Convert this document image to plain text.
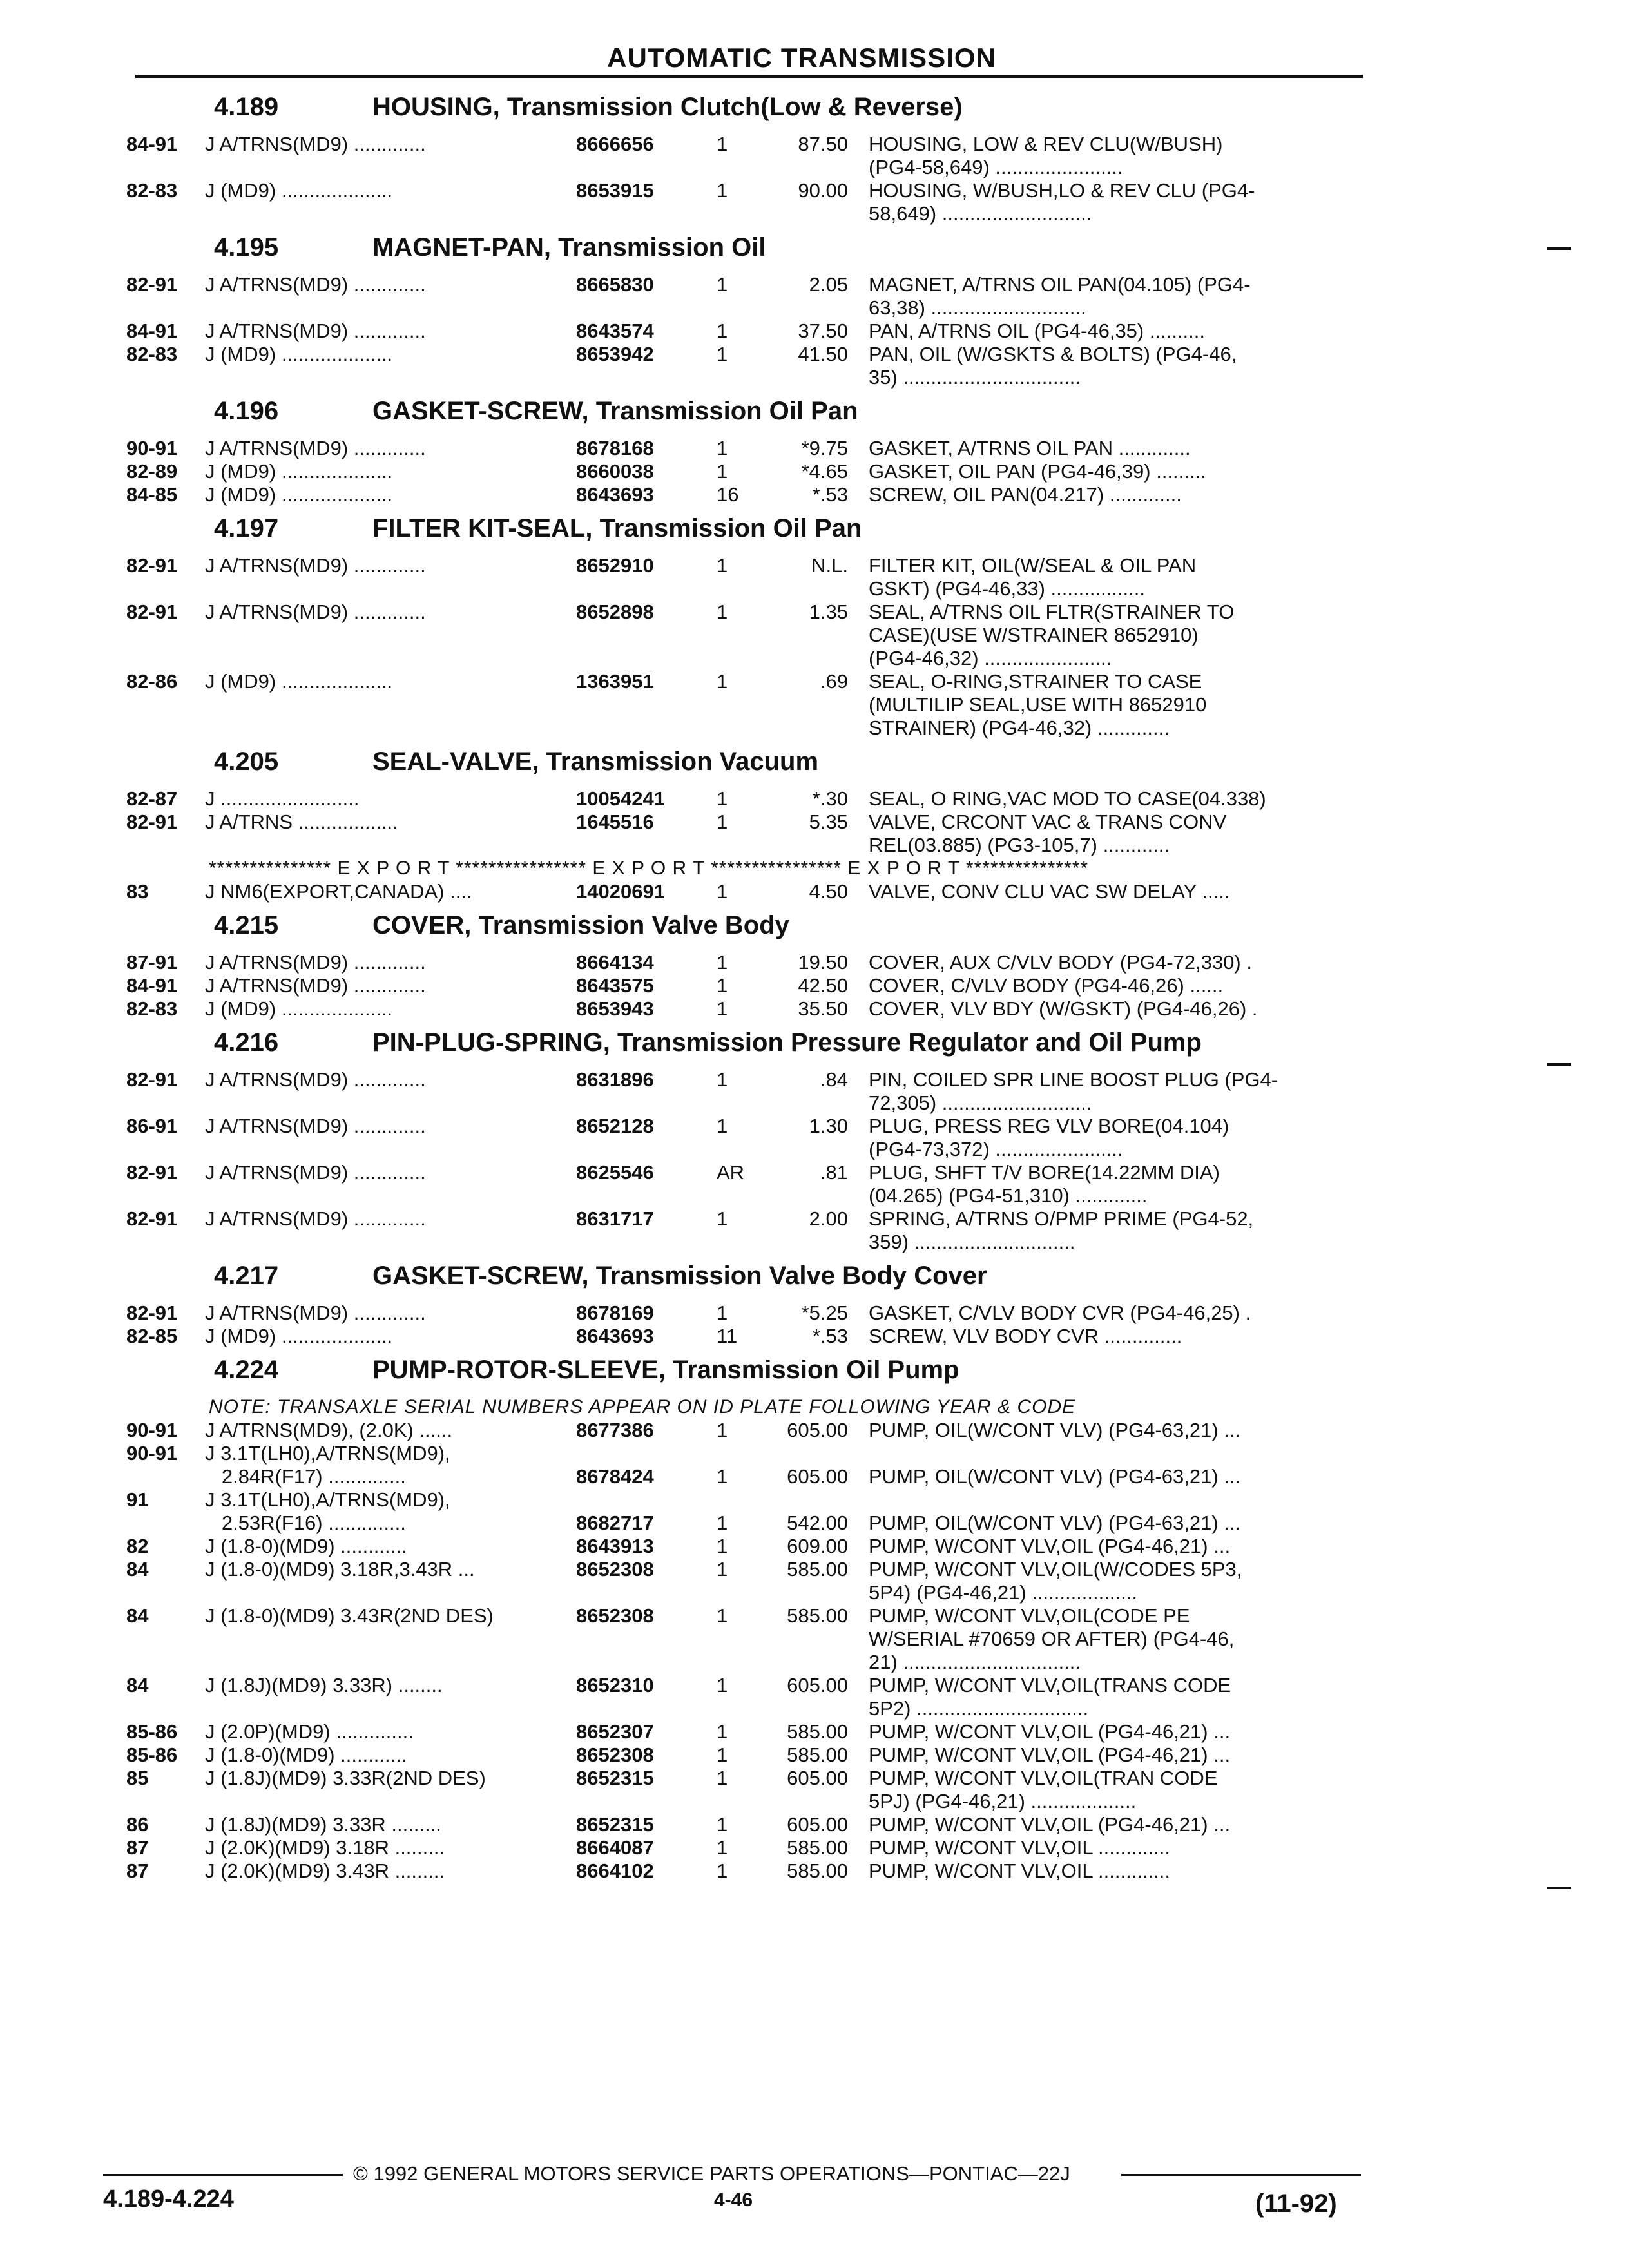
AUTOMATIC TRANSMISSION
4.189	HOUSING, Transmission Clutch(Low & Reverse)
84-91	J A/TRNS(MD9) .............	8666656	1	87.50	HOUSING, LOW & REV CLU(W/BUSH)
(PG4-58,649) .......................
82-83	J (MD9) ....................	8653915	1	90.00	HOUSING, W/BUSH,LO & REV CLU (PG4-
58,649) ...........................
4.195	MAGNET-PAN, Transmission Oil
82-91	J A/TRNS(MD9) .............	8665830	1	2.05	MAGNET, A/TRNS OIL PAN(04.105) (PG4-
63,38) ............................
84-91	J A/TRNS(MD9) .............	8643574	1	37.50	PAN, A/TRNS OIL (PG4-46,35) ..........
82-83	J (MD9) ....................	8653942	1	41.50	PAN, OIL (W/GSKTS & BOLTS) (PG4-46,
35) ................................
4.196	GASKET-SCREW, Transmission Oil Pan
90-91	J A/TRNS(MD9) .............	8678168	1	*9.75	GASKET, A/TRNS OIL PAN .............
82-89	J (MD9) ....................	8660038	1	*4.65	GASKET, OIL PAN (PG4-46,39) .........
84-85	J (MD9) ....................	8643693	16	*.53	SCREW, OIL PAN(04.217) .............
4.197	FILTER KIT-SEAL, Transmission Oil Pan
82-91	J A/TRNS(MD9) .............	8652910	1	N.L.	FILTER KIT, OIL(W/SEAL & OIL PAN
GSKT) (PG4-46,33) .................
82-91	J A/TRNS(MD9) .............	8652898	1	1.35	SEAL, A/TRNS OIL FLTR(STRAINER TO
CASE)(USE W/STRAINER 8652910)
(PG4-46,32) .......................
82-86	J (MD9) ....................	1363951	1	.69	SEAL, O-RING,STRAINER TO CASE
(MULTILIP SEAL,USE WITH 8652910
STRAINER) (PG4-46,32) .............
4.205	SEAL-VALVE, Transmission Vacuum
82-87	J .........................	10054241	1	*.30	SEAL, O RING,VAC MOD TO CASE(04.338)
82-91	J A/TRNS ..................	1645516	1	5.35	VALVE, CRCONT VAC & TRANS CONV
REL(03.885) (PG3-105,7) ............
*************** E X P O R T **************** E X P O R T **************** E X P O R T ***************
83	J NM6(EXPORT,CANADA) ....	14020691	1	4.50	VALVE, CONV CLU VAC SW DELAY .....
4.215	COVER, Transmission Valve Body
87-91	J A/TRNS(MD9) .............	8664134	1	19.50	COVER, AUX C/VLV BODY (PG4-72,330) .
84-91	J A/TRNS(MD9) .............	8643575	1	42.50	COVER, C/VLV BODY (PG4-46,26) ......
82-83	J (MD9) ....................	8653943	1	35.50	COVER, VLV BDY (W/GSKT) (PG4-46,26) .
4.216	PIN-PLUG-SPRING, Transmission Pressure Regulator and Oil Pump
82-91	J A/TRNS(MD9) .............	8631896	1	.84	PIN, COILED SPR LINE BOOST PLUG (PG4-
72,305) ...........................
86-91	J A/TRNS(MD9) .............	8652128	1	1.30	PLUG, PRESS REG VLV BORE(04.104)
(PG4-73,372) .......................
82-91	J A/TRNS(MD9) .............	8625546	AR	.81	PLUG, SHFT T/V BORE(14.22MM DIA)
(04.265) (PG4-51,310) .............
82-91	J A/TRNS(MD9) .............	8631717	1	2.00	SPRING, A/TRNS O/PMP PRIME (PG4-52,
359) .............................
4.217	GASKET-SCREW, Transmission Valve Body Cover
82-91	J A/TRNS(MD9) .............	8678169	1	*5.25	GASKET, C/VLV BODY CVR (PG4-46,25) .
82-85	J (MD9) ....................	8643693	11	*.53	SCREW, VLV BODY CVR ..............
4.224	PUMP-ROTOR-SLEEVE, Transmission Oil Pump
NOTE: TRANSAXLE SERIAL NUMBERS APPEAR ON ID PLATE FOLLOWING YEAR & CODE
90-91	J A/TRNS(MD9), (2.0K) ......	8677386	1	605.00	PUMP, OIL(W/CONT VLV) (PG4-63,21) ...
90-91	J 3.1T(LH0),A/TRNS(MD9),
2.84R(F17) ..............	8678424	1	605.00	PUMP, OIL(W/CONT VLV) (PG4-63,21) ...
91	J 3.1T(LH0),A/TRNS(MD9),
2.53R(F16) ..............	8682717	1	542.00	PUMP, OIL(W/CONT VLV) (PG4-63,21) ...
82	J (1.8-0)(MD9) ............	8643913	1	609.00	PUMP, W/CONT VLV,OIL (PG4-46,21) ...
84	J (1.8-0)(MD9) 3.18R,3.43R ...	8652308	1	585.00	PUMP, W/CONT VLV,OIL(W/CODES 5P3,
5P4) (PG4-46,21) ...................
84	J (1.8-0)(MD9) 3.43R(2ND DES)	8652308	1	585.00	PUMP, W/CONT VLV,OIL(CODE PE
W/SERIAL #70659 OR AFTER) (PG4-46,
21) ................................
84	J (1.8J)(MD9) 3.33R) ........	8652310	1	605.00	PUMP, W/CONT VLV,OIL(TRANS CODE
5P2) ...............................
85-86	J (2.0P)(MD9) ..............	8652307	1	585.00	PUMP, W/CONT VLV,OIL (PG4-46,21) ...
85-86	J (1.8-0)(MD9) ............	8652308	1	585.00	PUMP, W/CONT VLV,OIL (PG4-46,21) ...
85	J (1.8J)(MD9) 3.33R(2ND DES)	8652315	1	605.00	PUMP, W/CONT VLV,OIL(TRAN CODE
5PJ) (PG4-46,21) ...................
86	J (1.8J)(MD9) 3.33R .........	8652315	1	605.00	PUMP, W/CONT VLV,OIL (PG4-46,21) ...
87	J (2.0K)(MD9) 3.18R .........	8664087	1	585.00	PUMP, W/CONT VLV,OIL .............
87	J (2.0K)(MD9) 3.43R .........	8664102	1	585.00	PUMP, W/CONT VLV,OIL .............
© 1992 GENERAL MOTORS SERVICE PARTS OPERATIONS—PONTIAC—22J
4.189-4.224	4-46	(11-92)
